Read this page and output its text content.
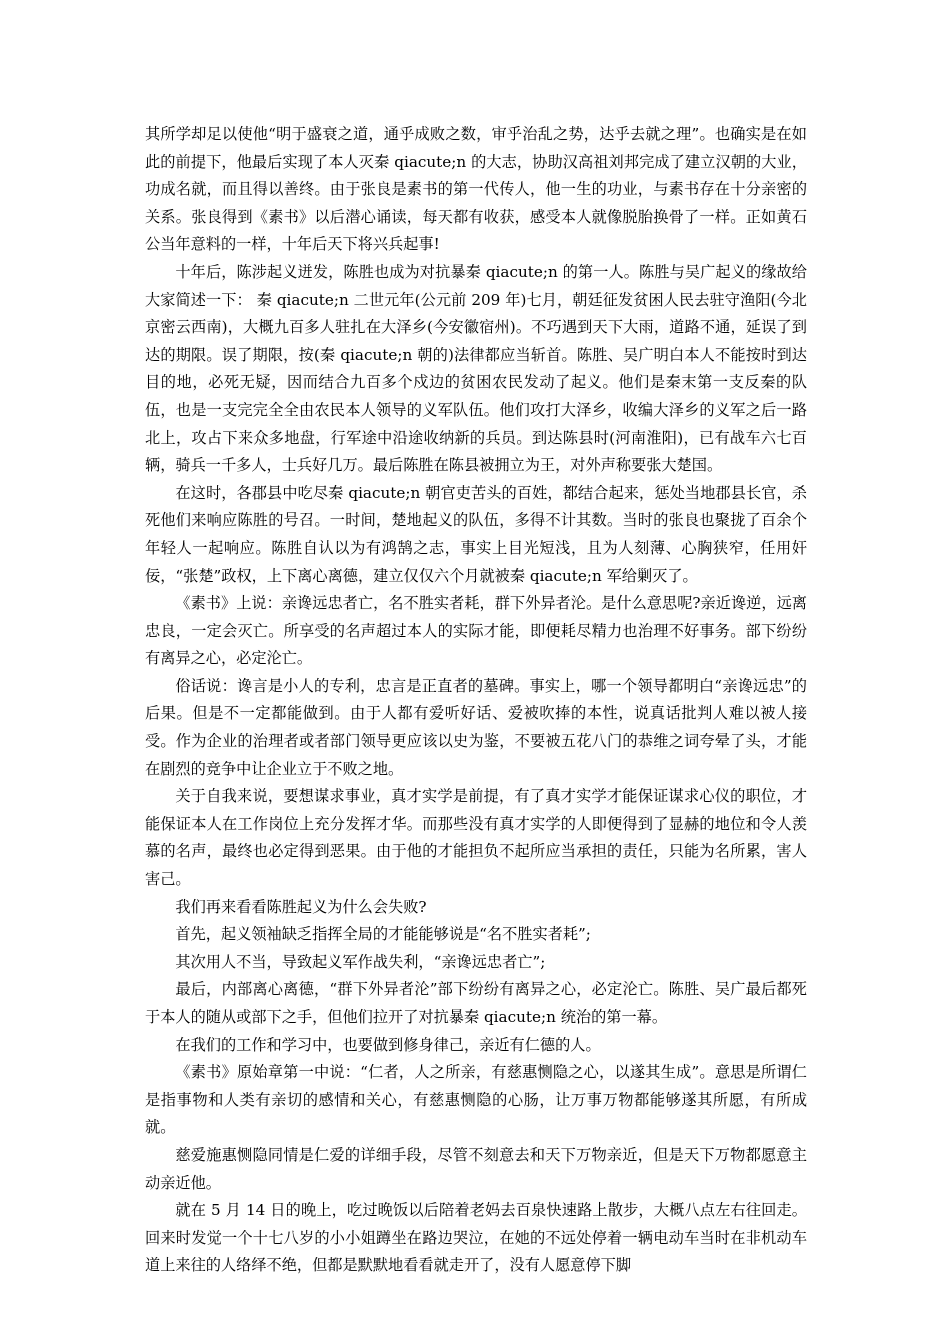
其所学却足以使他“明于盛衰之道，通乎成败之数，审乎治乱之势，达乎去就之理”。也确实是在如此的前提下，他最后实现了本人灭秦 qiacute;n 的大志，协助汉高祖刘邦完成了建立汉朝的大业，功成名就，而且得以善终。由于张良是素书的第一代传人，他一生的功业，与素书存在十分亲密的关系。张良得到《素书》以后潜心诵读，每天都有收获，感受本人就像脱胎换骨了一样。正如黄石公当年意料的一样，十年后天下将兴兵起事!

十年后，陈涉起义迸发，陈胜也成为对抗暴秦 qiacute;n 的第一人。陈胜与吴广起义的缘故给大家简述一下： 秦 qiacute;n 二世元年(公元前 209 年)七月，朝廷征发贫困人民去驻守渔阳(今北京密云西南)，大概九百多人驻扎在大泽乡(今安徽宿州)。不巧遇到天下大雨，道路不通，延误了到达的期限。误了期限，按(秦 qiacute;n 朝的)法律都应当斩首。陈胜、吴广明白本人不能按时到达目的地，必死无疑，因而结合九百多个戍边的贫困农民发动了起义。他们是秦末第一支反秦的队伍，也是一支完完全全由农民本人领导的义军队伍。他们攻打大泽乡，收编大泽乡的义军之后一路北上，攻占下来众多地盘，行军途中沿途收纳新的兵员。到达陈县时(河南淮阳)，已有战车六七百辆，骑兵一千多人，士兵好几万。最后陈胜在陈县被拥立为王，对外声称要张大楚国。

在这时，各郡县中吃尽秦 qiacute;n 朝官吏苦头的百姓，都结合起来，惩处当地郡县长官，杀死他们来响应陈胜的号召。一时间，楚地起义的队伍，多得不计其数。当时的张良也聚拢了百余个年轻人一起响应。陈胜自认以为有鸿鹄之志，事实上目光短浅，且为人刻薄、心胸狭窄，任用奸佞，“张楚”政权，上下离心离德，建立仅仅六个月就被秦 qiacute;n 军给剿灭了。

《素书》上说：亲谗远忠者亡，名不胜实者耗，群下外异者沦。是什么意思呢?亲近谗逆，远离忠良，一定会灭亡。所享受的名声超过本人的实际才能，即便耗尽精力也治理不好事务。部下纷纷有离异之心，必定沦亡。

俗话说：谗言是小人的专利，忠言是正直者的墓碑。事实上，哪一个领导都明白“亲谗远忠”的后果。但是不一定都能做到。由于人都有爱听好话、爱被吹捧的本性，说真话批判人难以被人接受。作为企业的治理者或者部门领导更应该以史为鉴，不要被五花八门的恭维之词夸晕了头，才能在剧烈的竞争中让企业立于不败之地。

关于自我来说，要想谋求事业，真才实学是前提，有了真才实学才能保证谋求心仪的职位，才能保证本人在工作岗位上充分发挥才华。而那些没有真才实学的人即便得到了显赫的地位和令人羡慕的名声，最终也必定得到恶果。由于他的才能担负不起所应当承担的责任，只能为名所累，害人害己。

我们再来看看陈胜起义为什么会失败?

首先，起义领袖缺乏指挥全局的才能能够说是“名不胜实者耗”;

其次用人不当，导致起义军作战失利，“亲谗远忠者亡”;

最后，内部离心离德，“群下外异者沦”部下纷纷有离异之心，必定沦亡。陈胜、吴广最后都死于本人的随从或部下之手，但他们拉开了对抗暴秦 qiacute;n 统治的第一幕。

在我们的工作和学习中，也要做到修身律己，亲近有仁德的人。

《素书》原始章第一中说：“仁者，人之所亲，有慈惠恻隐之心，以遂其生成”。意思是所谓仁是指事物和人类有亲切的感情和关心，有慈惠恻隐的心肠，让万事万物都能够遂其所愿，有所成就。

慈爱施惠恻隐同情是仁爱的详细手段，尽管不刻意去和天下万物亲近，但是天下万物都愿意主动亲近他。

就在 5 月 14 日的晚上，吃过晚饭以后陪着老妈去百泉快速路上散步，大概八点左右往回走。回来时发觉一个十七八岁的小小姐蹲坐在路边哭泣，在她的不远处停着一辆电动车当时在非机动车道上来往的人络绎不绝，但都是默默地看看就走开了，没有人愿意停下脚
